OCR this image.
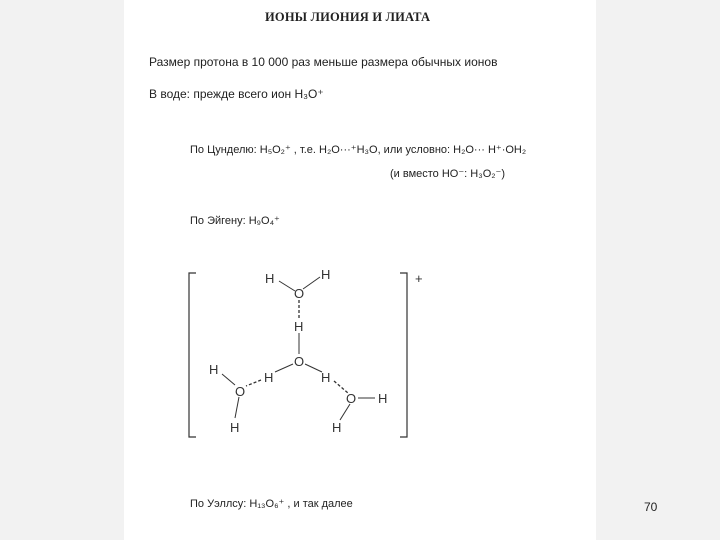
ИОНЫ ЛИОНИЯ И ЛИАТА
Размер протона в 10 000 раз меньше размера обычных ионов
В воде: прежде всего ион H₃O⁺
По Цунделю: H₅O₂⁺ , т.е. H₂O···⁺H₃O, или условно: H₂O··· H⁺·OH₂
(и вместо HO⁻: H₃O₂⁻)
По Эйгену: H₉O₄⁺
По Уэллсу: H₁₃O₆⁺ , и так далее	70
+
H	H
O
H
O
H	H
H
O
H
O H
H
